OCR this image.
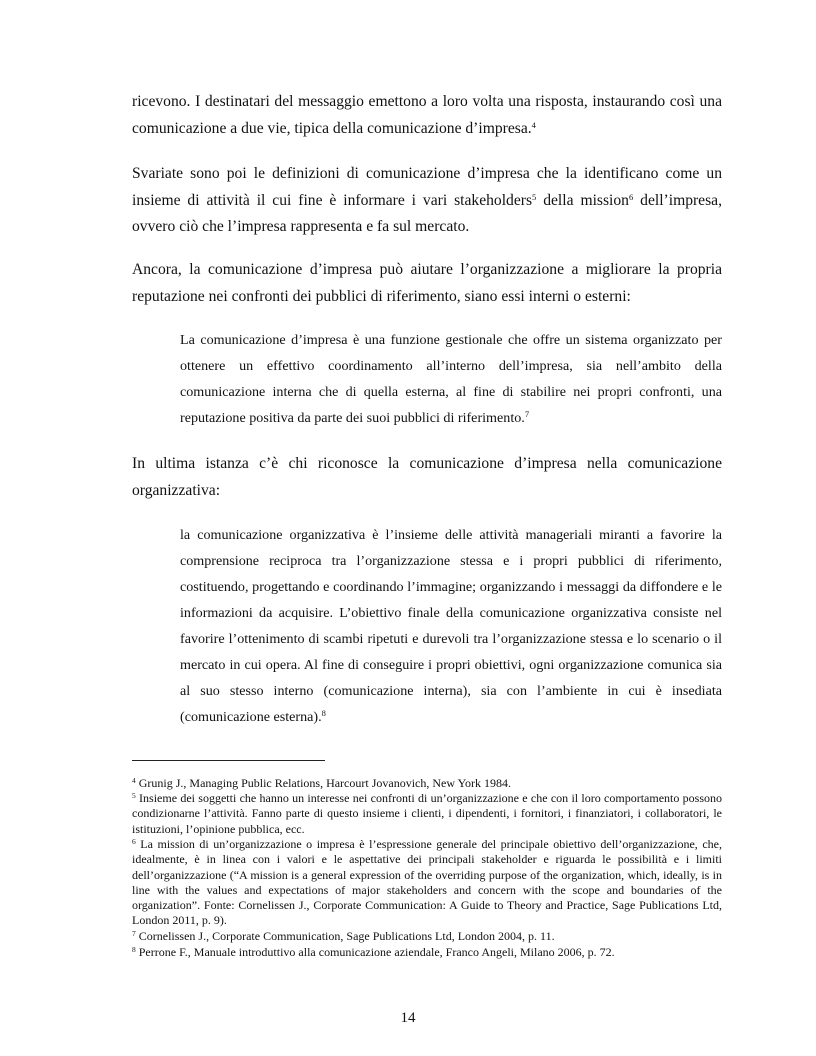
ricevono. I destinatari del messaggio emettono a loro volta una risposta, instaurando così una comunicazione a due vie, tipica della comunicazione d’impresa.$^4$

Svariate sono poi le definizioni di comunicazione d’impresa che la identificano come un insieme di attività il cui fine è informare i vari stakeholders$^5$ della mission$^6$ dell’impresa, ovvero ciò che l’impresa rappresenta e fa sul mercato.

Ancora, la comunicazione d’impresa può aiutare l’organizzazione a migliorare la propria reputazione nei confronti dei pubblici di riferimento, siano essi interni o esterni:

La comunicazione d’impresa è una funzione gestionale che offre un sistema organizzato per ottenere un effettivo coordinamento all’interno dell’impresa, sia nell’ambito della comunicazione interna che di quella esterna, al fine di stabilire nei propri confronti, una reputazione positiva da parte dei suoi pubblici di riferimento.$^7$

In ultima istanza c’è chi riconosce la comunicazione d’impresa nella comunicazione organizzativa:

la comunicazione organizzativa è l’insieme delle attività manageriali miranti a favorire la comprensione reciproca tra l’organizzazione stessa e i propri pubblici di riferimento, costituendo, progettando e coordinando l’immagine; organizzando i messaggi da diffondere e le informazioni da acquisire. L’obiettivo finale della comunicazione organizzativa consiste nel favorire l’ottenimento di scambi ripetuti e durevoli tra l’organizzazione stessa e lo scenario o il mercato in cui opera. Al fine di conseguire i propri obiettivi, ogni organizzazione comunica sia al suo stesso interno (comunicazione interna), sia con l’ambiente in cui è insediata (comunicazione esterna).$^8$

$^4$ Grunig J., Managing Public Relations, Harcourt Jovanovich, New York 1984.

$^5$ Insieme dei soggetti che hanno un interesse nei confronti di un’organizzazione e che con il loro comportamento possono condizionarne l’attività. Fanno parte di questo insieme i clienti, i dipendenti, i fornitori, i finanziatori, i collaboratori, le istituzioni, l’opinione pubblica, ecc.

$^6$ La mission di un’organizzazione o impresa è l’espressione generale del principale obiettivo dell’organizzazione, che, idealmente, è in linea con i valori e le aspettative dei principali stakeholder e riguarda le possibilità e i limiti dell’organizzazione (“A mission is a general expression of the overriding purpose of the organization, which, ideally, is in line with the values and expectations of major stakeholders and concern with the scope and boundaries of the organization”. Fonte: Cornelissen J., Corporate Communication: A Guide to Theory and Practice, Sage Publications Ltd, London 2011, p. 9).

$^7$ Cornelissen J., Corporate Communication, Sage Publications Ltd, London 2004, p. 11.

$^8$ Perrone F., Manuale introduttivo alla comunicazione aziendale, Franco Angeli, Milano 2006, p. 72.

14
